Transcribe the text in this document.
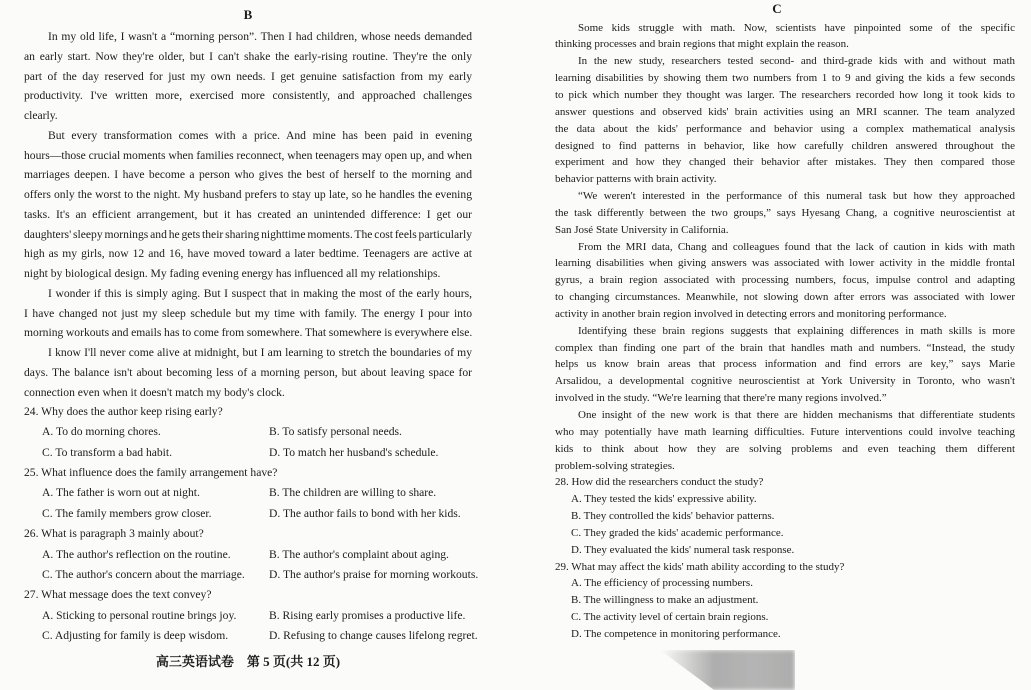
B
In my old life, I wasn't a “morning person”. Then I had children, whose needs demanded
an early start. Now they're older, but I can't shake the early-rising routine. They're the only
part of the day reserved for just my own needs. I get genuine satisfaction from my early
productivity. I've written more, exercised more consistently, and approached challenges
clearly.
But every transformation comes with a price. And mine has been paid in evening
hours—those crucial moments when families reconnect, when teenagers may open up, and when
marriages deepen. I have become a person who gives the best of herself to the morning and
offers only the worst to the night. My husband prefers to stay up late, so he handles the evening
tasks. It's an efficient arrangement, but it has created an unintended difference: I get our
daughters' sleepy mornings and he gets their sharing nighttime moments. The cost feels particularly
high as my girls, now 12 and 16, have moved toward a later bedtime. Teenagers are active at
night by biological design. My fading evening energy has influenced all my relationships.
I wonder if this is simply aging. But I suspect that in making the most of the early hours,
I have changed not just my sleep schedule but my time with family. The energy I pour into
morning workouts and emails has to come from somewhere. That somewhere is everywhere else.
I know I'll never come alive at midnight, but I am learning to stretch the boundaries of my
days. The balance isn't about becoming less of a morning person, but about leaving space for
connection even when it doesn't match my body's clock.
24. Why does the author keep rising early?
A. To do morning chores.	B. To satisfy personal needs.
C. To transform a bad habit.	D. To match her husband's schedule.
25. What influence does the family arrangement have?
A. The father is worn out at night.	B. The children are willing to share.
C. The family members grow closer.	D. The author fails to bond with her kids.
26. What is paragraph 3 mainly about?
A. The author's reflection on the routine.	B. The author's complaint about aging.
C. The author's concern about the marriage.	D. The author's praise for morning workouts.
27. What message does the text convey?
A. Sticking to personal routine brings joy.	B. Rising early promises a productive life.
C. Adjusting for family is deep wisdom.	D. Refusing to change causes lifelong regret.
C
Some kids struggle with math. Now, scientists have pinpointed some of the specific
thinking processes and brain regions that might explain the reason.
In the new study, researchers tested second- and third-grade kids with and without math
learning disabilities by showing them two numbers from 1 to 9 and giving the kids a few seconds
to pick which number they thought was larger. The researchers recorded how long it took kids to
answer questions and observed kids' brain activities using an MRI scanner. The team analyzed
the data about the kids' performance and behavior using a complex mathematical analysis
designed to find patterns in behavior, like how carefully children answered throughout the
experiment and how they changed their behavior after mistakes. They then compared those
behavior patterns with brain activity.
“We weren't interested in the performance of this numeral task but how they approached
the task differently between the two groups,” says Hyesang Chang, a cognitive neuroscientist at
San José State University in California.
From the MRI data, Chang and colleagues found that the lack of caution in kids with math
learning disabilities when giving answers was associated with lower activity in the middle frontal
gyrus, a brain region associated with processing numbers, focus, impulse control and adapting
to changing circumstances. Meanwhile, not slowing down after errors was associated with lower
activity in another brain region involved in detecting errors and monitoring performance.
Identifying these brain regions suggests that explaining differences in math skills is more
complex than finding one part of the brain that handles math and numbers. “Instead, the study
helps us know brain areas that process information and find errors are key,” says Marie
Arsalidou, a developmental cognitive neuroscientist at York University in Toronto, who wasn't
involved in the study. “We're learning that there're many regions involved.”
One insight of the new work is that there are hidden mechanisms that differentiate students
who may potentially have math learning difficulties. Future interventions could involve teaching
kids to think about how they are solving problems and even teaching them different
problem-solving strategies.
28. How did the researchers conduct the study?
A. They tested the kids' expressive ability.
B. They controlled the kids' behavior patterns.
C. They graded the kids' academic performance.
D. They evaluated the kids' numeral task response.
29. What may affect the kids' math ability according to the study?
A. The efficiency of processing numbers.
B. The willingness to make an adjustment.
C. The activity level of certain brain regions.
D. The competence in monitoring performance.
高三英语试卷　第 5 页(共 12 页)
